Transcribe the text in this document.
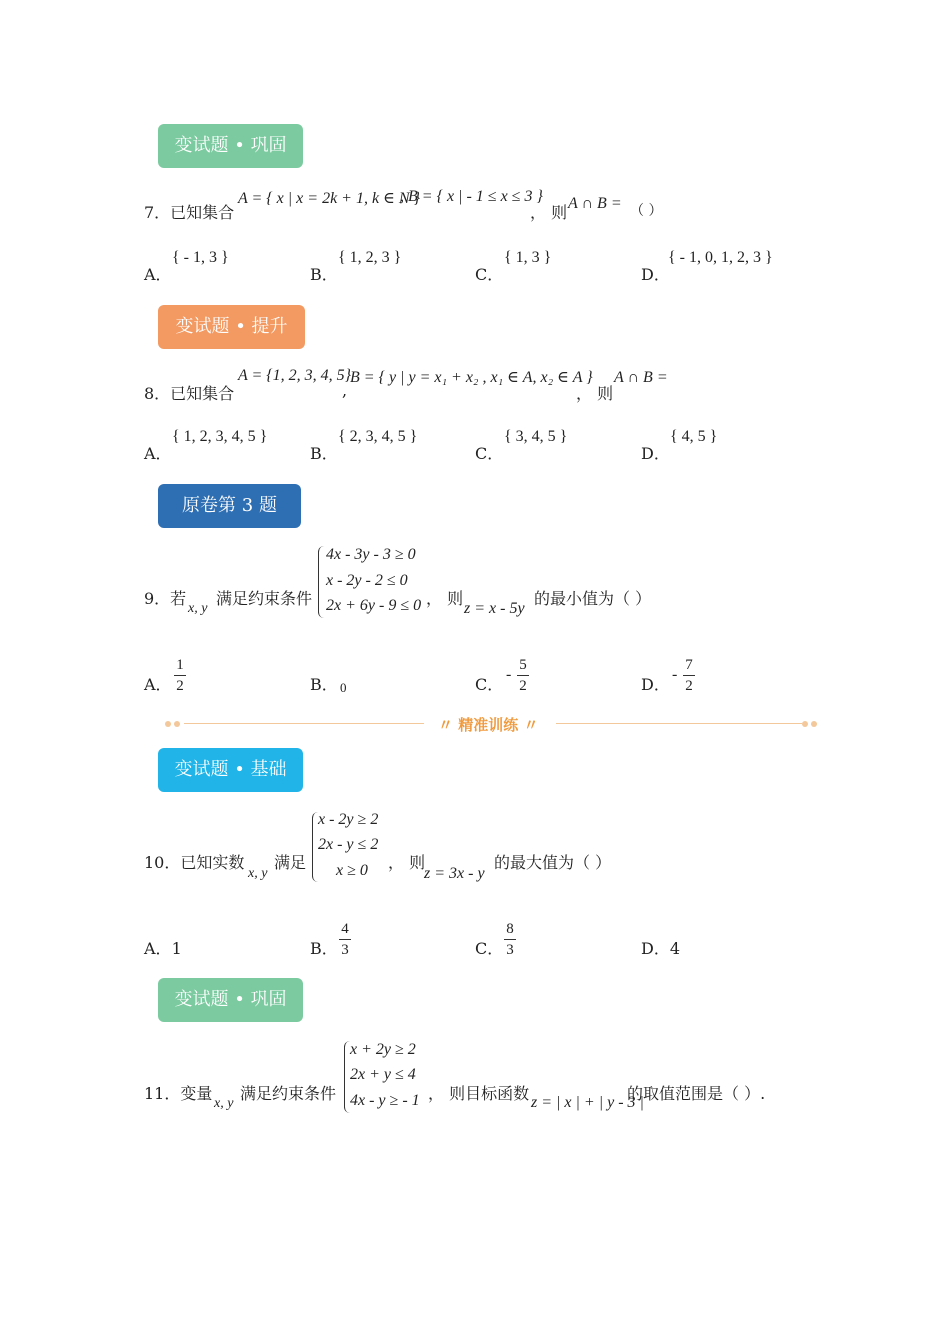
变试题 • 巩固
7．已知集合
A = { x | x = 2k + 1, k ∈ N }
, B = { x | - 1 ≤ x ≤ 3 }
， 则 A ∩ B = （ ）
A．
{ - 1, 3 }
B．
{ 1, 2, 3 }
C．
{ 1, 3 }
D．
{ - 1, 0, 1, 2, 3 }
变试题 • 提升
8．已知集合
A = {1, 2, 3, 4, 5}
,
B = { y | y = x₁ + x₂ , x₁ ∈ A, x₂ ∈ A }
， 则
A ∩ B =
A．
{ 1, 2, 3, 4, 5 }
B．
{ 2, 3, 4, 5 }
C．
{ 3, 4, 5 }
D．
{ 4, 5 }
原卷第 3 题
9．若
x, y
满足约束条件
4x - 3y - 3 ≥ 0
x - 2y - 2 ≤ 0
2x + 6y - 9 ≤ 0 ， 则
z = x - 5y
的最小值为（ ）
A．
1
2	B． 0	C．
-
5
2	D．
-
7
2
〃 精准训练 〃
变试题 • 基础
10．已知实数
x, y
满足
x - 2y ≥ 2
2x - y ≤ 2
x ≥ 0 ， 则
z = 3x - y
的最大值为（ ）
A．1	B．
4
3	C．
8
3	D．4
变试题 • 巩固
11．变量
x, y
满足约束条件
x + 2y ≥ 2
2x + y ≤ 4
4x - y ≥ - 1 ， 则目标函数 z = | x | + | y - 3 |
的取值范围是（ ）.
